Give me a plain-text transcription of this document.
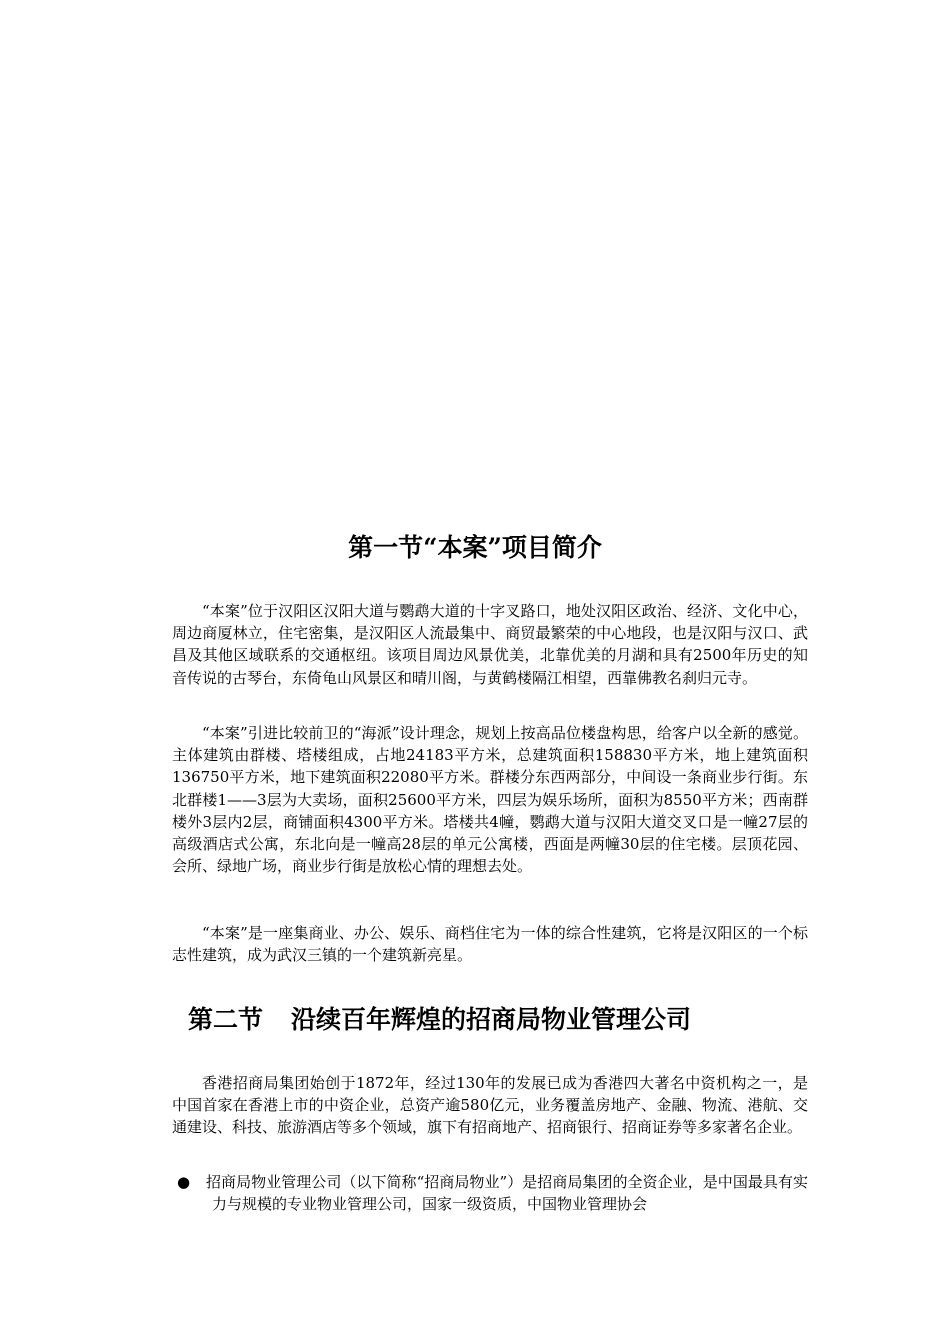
第一节“本案”项目简介

“本案”位于汉阳区汉阳大道与鹦鹉大道的十字叉路口，地处汉阳区政治、经济、文化中心，周边商厦林立，住宅密集，是汉阳区人流最集中、商贸最繁荣的中心地段，也是汉阳与汉口、武昌及其他区域联系的交通枢纽。该项目周边风景优美，北靠优美的月湖和具有2500年历史的知音传说的古琴台，东倚龟山风景区和晴川阁，与黄鹤楼隔江相望，西靠佛教名刹归元寺。

“本案”引进比较前卫的“海派”设计理念，规划上按高品位楼盘构思，给客户以全新的感觉。主体建筑由群楼、塔楼组成，占地24183平方米，总建筑面积158830平方米，地上建筑面积136750平方米，地下建筑面积22080平方米。群楼分东西两部分，中间设一条商业步行街。东北群楼1——3层为大卖场，面积25600平方米，四层为娱乐场所，面积为8550平方米；西南群楼外3层内2层，商铺面积4300平方米。塔楼共4幢，鹦鹉大道与汉阳大道交叉口是一幢27层的高级酒店式公寓，东北向是一幢高28层的单元公寓楼，西面是两幢30层的住宅楼。层顶花园、会所、绿地广场，商业步行街是放松心情的理想去处。

“本案”是一座集商业、办公、娱乐、商档住宅为一体的综合性建筑，它将是汉阳区的一个标志性建筑，成为武汉三镇的一个建筑新亮星。

第二节 沿续百年辉煌的招商局物业管理公司

香港招商局集团始创于1872年，经过130年的发展已成为香港四大著名中资机构之一，是中国首家在香港上市的中资企业，总资产逾580亿元，业务覆盖房地产、金融、物流、港航、交通建设、科技、旅游酒店等多个领域，旗下有招商地产、招商银行、招商证券等多家著名企业。

● 招商局物业管理公司（以下简称“招商局物业”）是招商局集团的全资企业，是中国最具有实力与规模的专业物业管理公司，国家一级资质，中国物业管理协会
